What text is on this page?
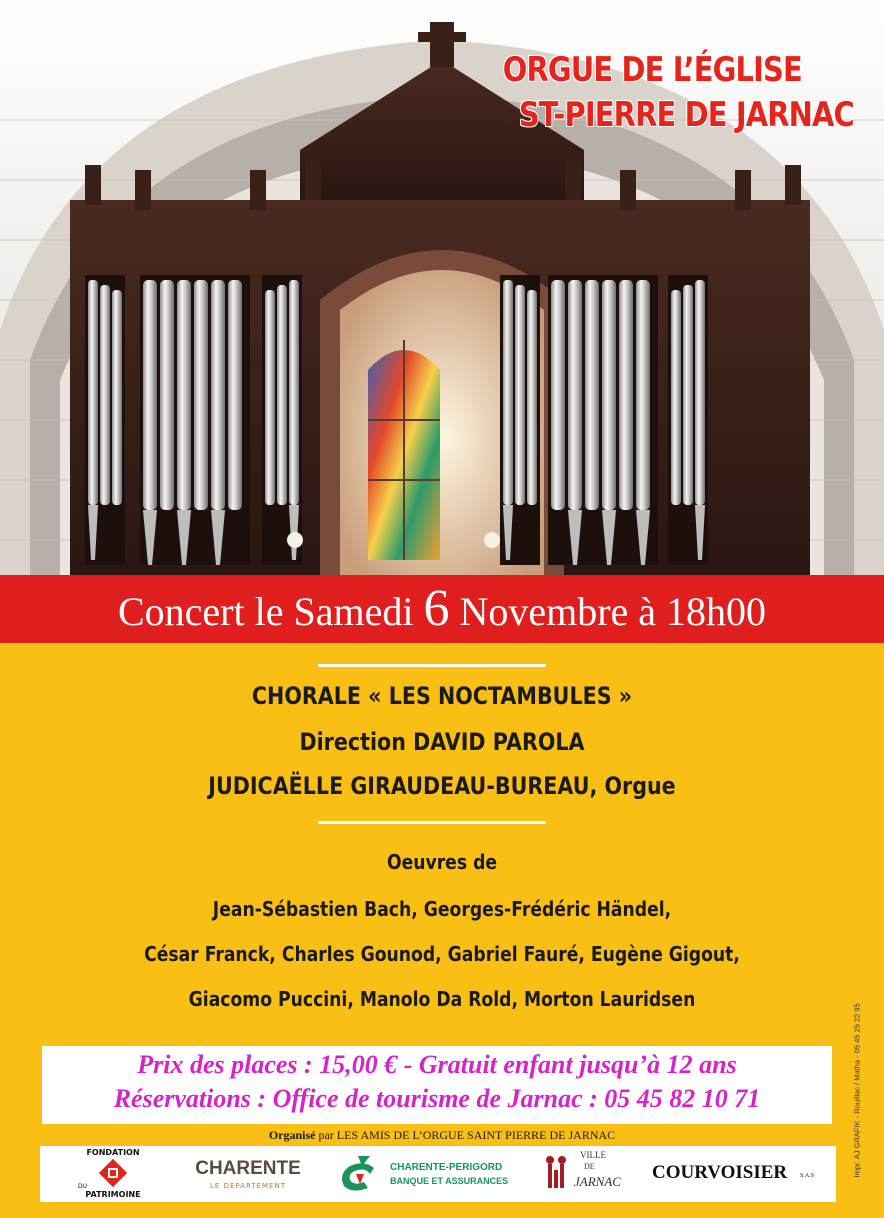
ORGUE DE L’ÉGLISE
ST-PIERRE DE JARNAC
Concert le Samedi 6 Novembre à 18h00
CHORALE « LES NOCTAMBULES »
Direction DAVID PAROLA
JUDICAËLLE GIRAUDEAU-BUREAU, Orgue
Oeuvres de
Jean-Sébastien Bach, Georges-Frédéric Händel,
César Franck, Charles Gounod, Gabriel Fauré, Eugène Gigout,
Giacomo Puccini, Manolo Da Rold, Morton Lauridsen
Prix des places : 15,00 € - Gratuit enfant jusqu’à 12 ans
Réservations : Office de tourisme de Jarnac : 05 45 82 10 71
Organisé par LES AMIS DE L’ORGUE SAINT PIERRE DE JARNAC
FONDATION
DU
PATRIMOINE
CHARENTE
LE DÉPARTEMENT
CHARENTE-PERIGORD
BANQUE ET ASSURANCES
VILLE
DE
JARNAC COURVOISIER S.A.S	Impr. AJ GRAFIK - Rouillac / Matha - 05 45 25 22 95
